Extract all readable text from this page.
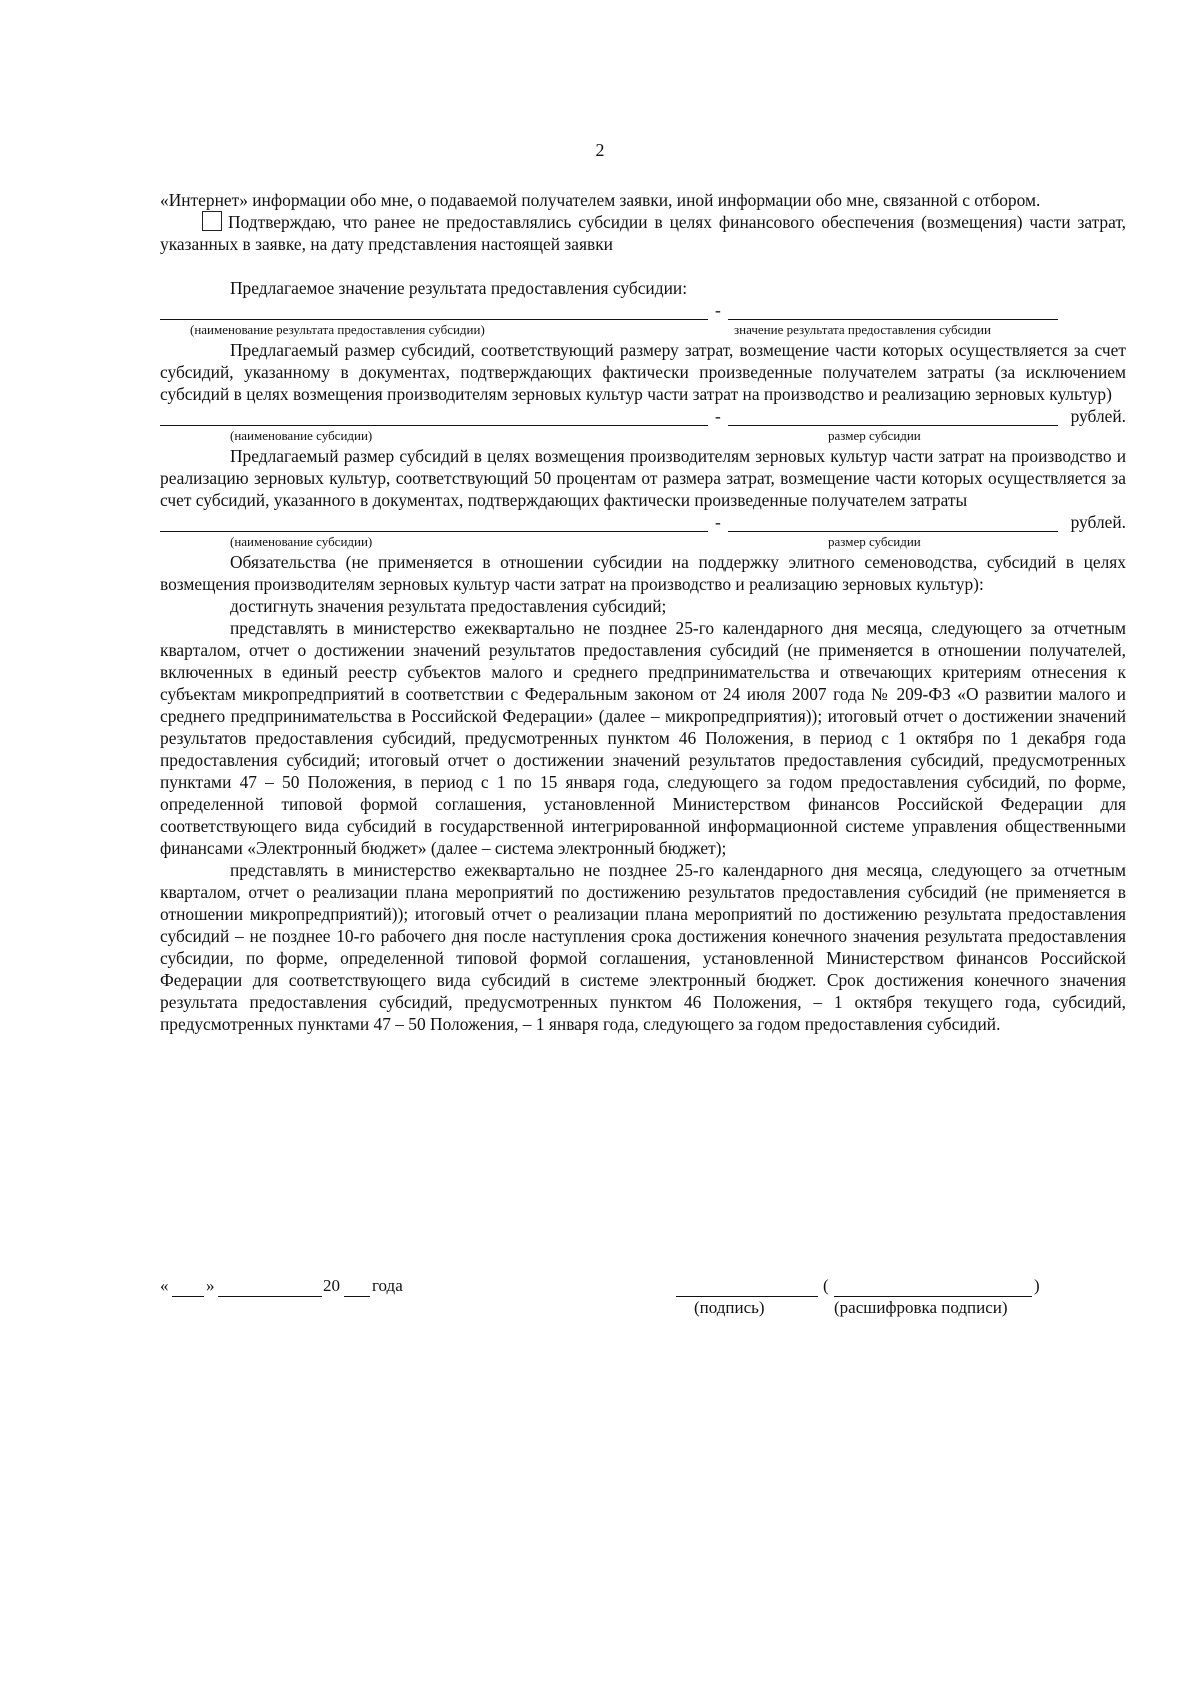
2

«Интернет» информации обо мне, о подаваемой получателем заявки, иной информации обо мне, связанной с отбором.

Подтверждаю, что ранее не предоставлялись субсидии в целях финансового обеспечения (возмещения) части затрат, указанных в заявке, на дату представления настоящей заявки

Предлагаемое значение результата предоставления субсидии:

-
(наименование результата предоставления субсидии)	значение результата предоставления субсидии

Предлагаемый размер субсидий, соответствующий размеру затрат, возмещение части которых осуществляется за счет субсидий, указанному в документах, подтверждающих фактически произведенные получателем затраты (за исключением субсидий в целях возмещения производителям зерновых культур части затрат на производство и реализацию зерновых культур)

-	рублей.
(наименование субсидии)	размер субсидии

Предлагаемый размер субсидий в целях возмещения производителям зерновых культур части затрат на производство и реализацию зерновых культур, соответствующий 50 процентам от размера затрат, возмещение части которых осуществляется за счет субсидий, указанного в документах, подтверждающих фактически произведенные получателем затраты

-	рублей.
(наименование субсидии)	размер субсидии

Обязательства (не применяется в отношении субсидии на поддержку элитного семеноводства, субсидий в целях возмещения производителям зерновых культур части затрат на производство и реализацию зерновых культур):

достигнуть значения результата предоставления субсидий;

представлять в министерство ежеквартально не позднее 25-го календарного дня месяца, следующего за отчетным кварталом, отчет о достижении значений результатов предоставления субсидий (не применяется в отношении получателей, включенных в единый реестр субъектов малого и среднего предпринимательства и отвечающих критериям отнесения к субъектам микропредприятий в соответствии с Федеральным законом от 24 июля 2007 года № 209-ФЗ «О развитии малого и среднего предпринимательства в Российской Федерации» (далее – микропредприятия)); итоговый отчет о достижении значений результатов предоставления субсидий, предусмотренных пунктом 46 Положения, в период с 1 октября по 1 декабря года предоставления субсидий; итоговый отчет о достижении значений результатов предоставления субсидий, предусмотренных пунктами 47 – 50 Положения, в период с 1 по 15 января года, следующего за годом предоставления субсидий, по форме, определенной типовой формой соглашения, установленной Министерством финансов Российской Федерации для соответствующего вида субсидий в государственной интегрированной информационной системе управления общественными финансами «Электронный бюджет» (далее – система электронный бюджет);

представлять в министерство ежеквартально не позднее 25-го календарного дня месяца, следующего за отчетным кварталом, отчет о реализации плана мероприятий по достижению результатов предоставления субсидий (не применяется в отношении микропредприятий)); итоговый отчет о реализации плана мероприятий по достижению результата предоставления субсидий – не позднее 10-го рабочего дня после наступления срока достижения конечного значения результата предоставления субсидии, по форме, определенной типовой формой соглашения, установленной Министерством финансов Российской Федерации для соответствующего вида субсидий в системе электронный бюджет. Срок достижения конечного значения результата предоставления субсидий, предусмотренных пунктом 46 Положения, – 1 октября текущего года, субсидий, предусмотренных пунктами 47 – 50 Положения, – 1 января года, следующего за годом предоставления субсидий.

« »	20 года	(	)
(подпись)	(расшифровка подписи)
